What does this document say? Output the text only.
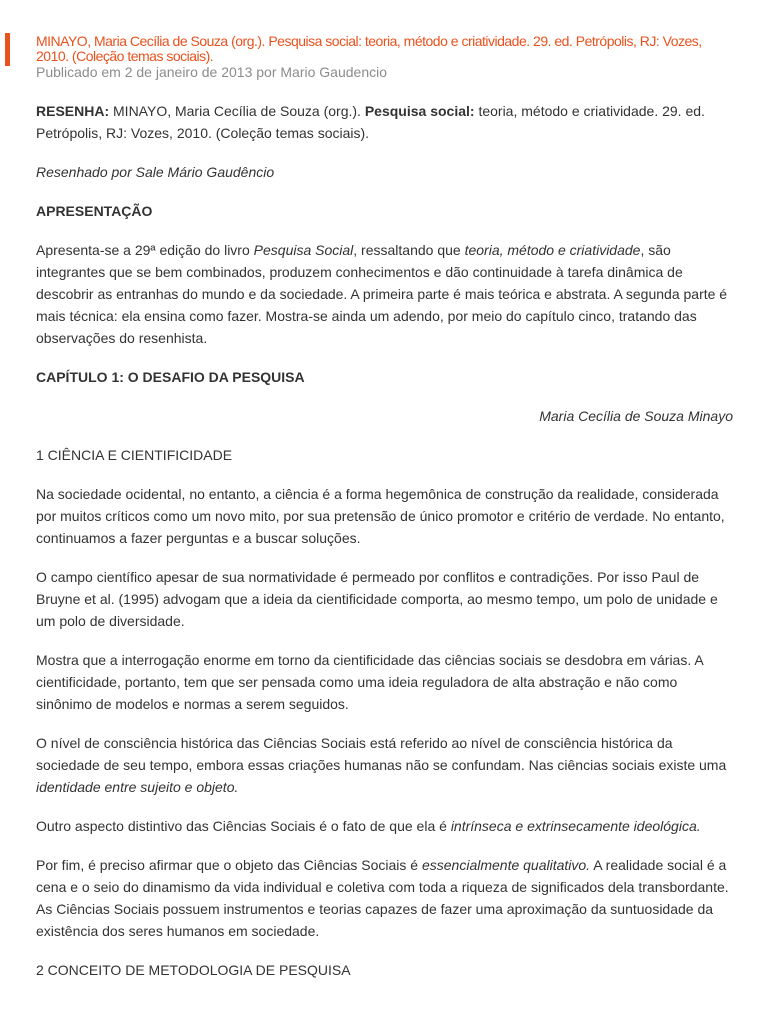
MINAYO, Maria Cecília de Souza (org.). Pesquisa social: teoria, método e criatividade. 29. ed. Petrópolis, RJ: Vozes, 2010. (Coleção temas sociais).

Publicado em 2 de janeiro de 2013 por Mario Gaudencio

RESENHA: MINAYO, Maria Cecília de Souza (org.). Pesquisa social: teoria, método e criatividade. 29. ed. Petrópolis, RJ: Vozes, 2010. (Coleção temas sociais).

Resenhado por Sale Mário Gaudêncio

APRESENTAÇÃO

Apresenta-se a 29ª edição do livro Pesquisa Social, ressaltando que teoria, método e criatividade, são integrantes que se bem combinados, produzem conhecimentos e dão continuidade à tarefa dinâmica de descobrir as entranhas do mundo e da sociedade. A primeira parte é mais teórica e abstrata. A segunda parte é mais técnica: ela ensina como fazer. Mostra-se ainda um adendo, por meio do capítulo cinco, tratando das observações do resenhista.

CAPÍTULO 1: O DESAFIO DA PESQUISA

Maria Cecília de Souza Minayo

1 CIÊNCIA E CIENTIFICIDADE

Na sociedade ocidental, no entanto, a ciência é a forma hegemônica de construção da realidade, considerada por muitos críticos como um novo mito, por sua pretensão de único promotor e critério de verdade. No entanto, continuamos a fazer perguntas e a buscar soluções.

O campo científico apesar de sua normatividade é permeado por conflitos e contradições. Por isso Paul de Bruyne et al. (1995) advogam que a ideia da cientificidade comporta, ao mesmo tempo, um polo de unidade e um polo de diversidade.

Mostra que a interrogação enorme em torno da cientificidade das ciências sociais se desdobra em várias. A cientificidade, portanto, tem que ser pensada como uma ideia reguladora de alta abstração e não como sinônimo de modelos e normas a serem seguidos.

O nível de consciência histórica das Ciências Sociais está referido ao nível de consciência histórica da sociedade de seu tempo, embora essas criações humanas não se confundam. Nas ciências sociais existe uma identidade entre sujeito e objeto.

Outro aspecto distintivo das Ciências Sociais é o fato de que ela é intrínseca e extrinsecamente ideológica.

Por fim, é preciso afirmar que o objeto das Ciências Sociais é essencialmente qualitativo. A realidade social é a cena e o seio do dinamismo da vida individual e coletiva com toda a riqueza de significados dela transbordante. As Ciências Sociais possuem instrumentos e teorias capazes de fazer uma aproximação da suntuosidade da existência dos seres humanos em sociedade.

2 CONCEITO DE METODOLOGIA DE PESQUISA
